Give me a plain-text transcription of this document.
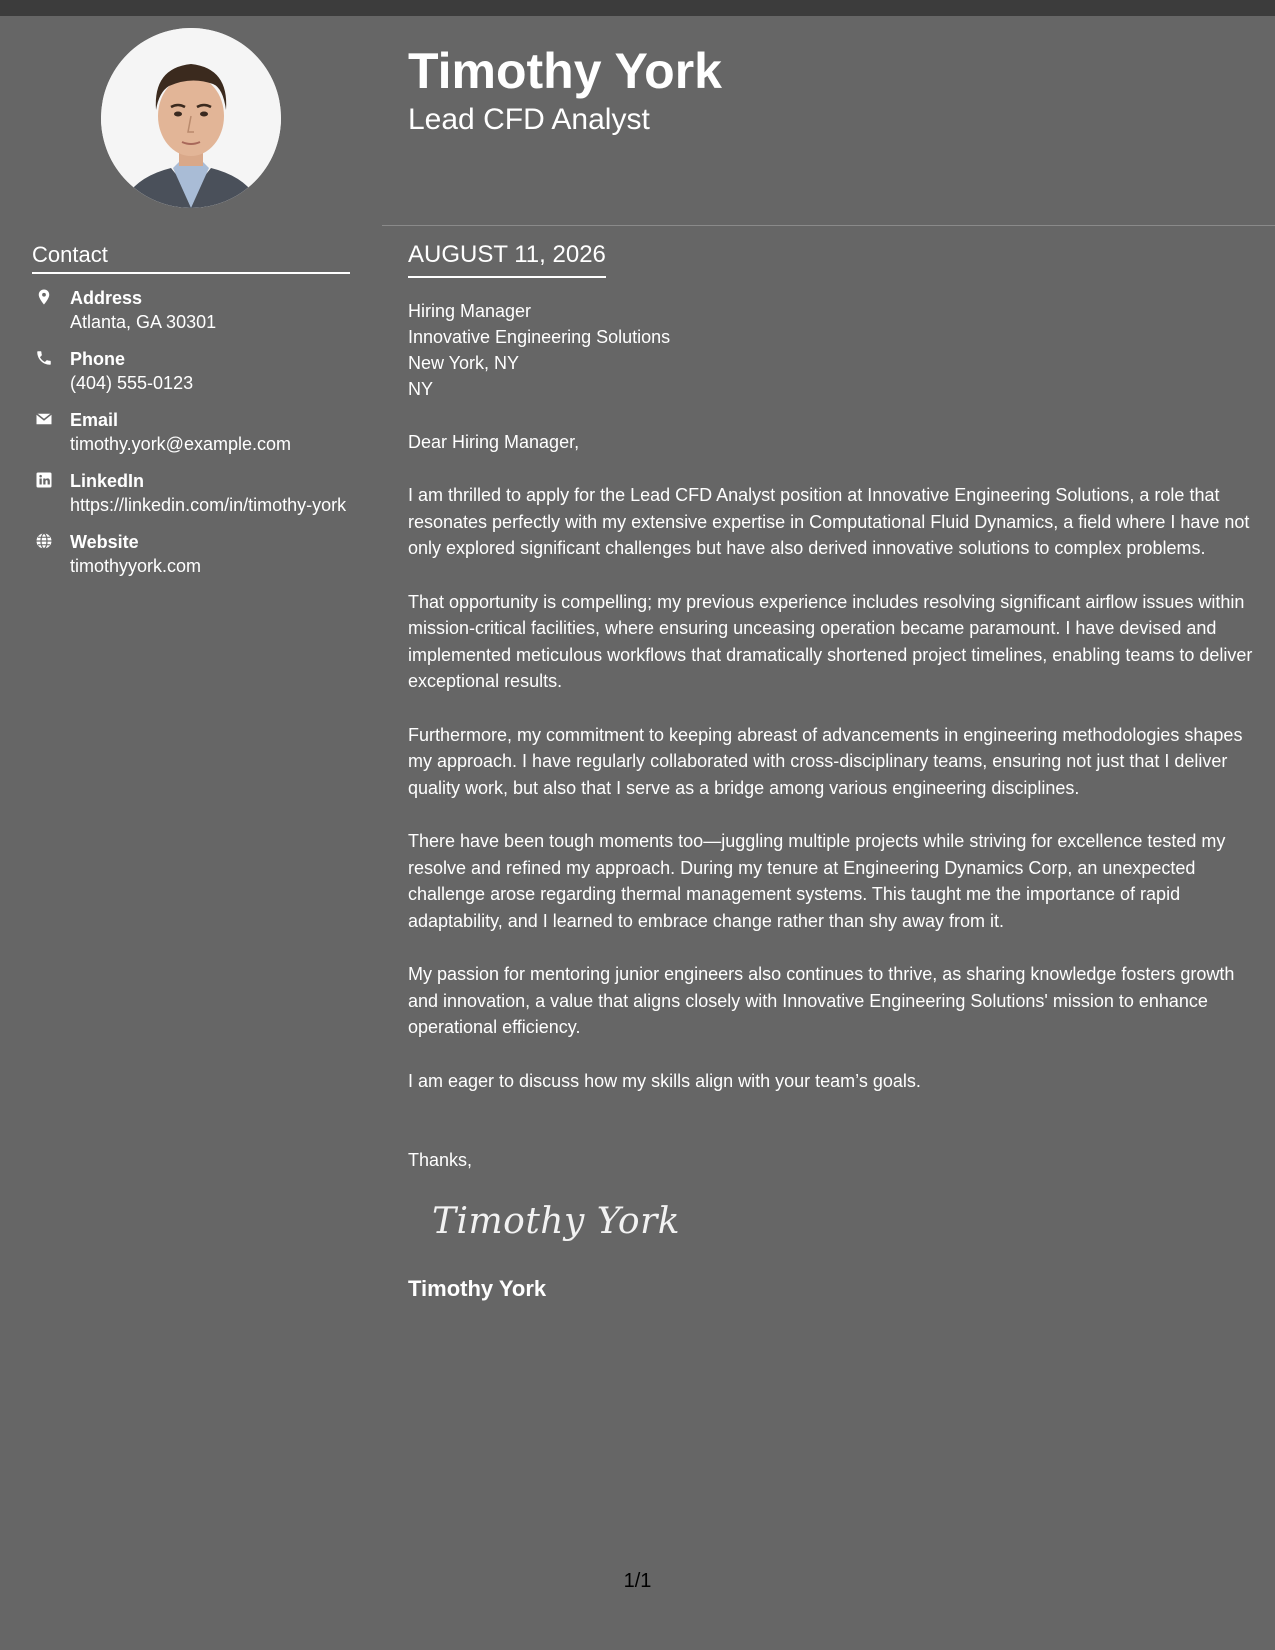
Contact
Address
Atlanta, GA 30301
Phone
(404) 555-0123
Email
timothy.york@example.com
LinkedIn
https://linkedin.com/in/timothy-york
Website
timothyyork.com
Timothy York
Lead CFD Analyst
AUGUST 11, 2026
Hiring Manager
Innovative Engineering Solutions
New York, NY
NY
Dear Hiring Manager,
I am thrilled to apply for the Lead CFD Analyst position at Innovative Engineering Solutions, a role that resonates perfectly with my extensive expertise in Computational Fluid Dynamics, a field where I have not only explored significant challenges but have also derived innovative solutions to complex problems.
That opportunity is compelling; my previous experience includes resolving significant airflow issues within mission-critical facilities, where ensuring unceasing operation became paramount. I have devised and implemented meticulous workflows that dramatically shortened project timelines, enabling teams to deliver exceptional results.
Furthermore, my commitment to keeping abreast of advancements in engineering methodologies shapes my approach. I have regularly collaborated with cross-disciplinary teams, ensuring not just that I deliver quality work, but also that I serve as a bridge among various engineering disciplines.
There have been tough moments too—juggling multiple projects while striving for excellence tested my resolve and refined my approach. During my tenure at Engineering Dynamics Corp, an unexpected challenge arose regarding thermal management systems. This taught me the importance of rapid adaptability, and I learned to embrace change rather than shy away from it.
My passion for mentoring junior engineers also continues to thrive, as sharing knowledge fosters growth and innovation, a value that aligns closely with Innovative Engineering Solutions' mission to enhance operational efficiency.
I am eager to discuss how my skills align with your team’s goals.
Thanks,
Timothy York
Timothy York
1/1
